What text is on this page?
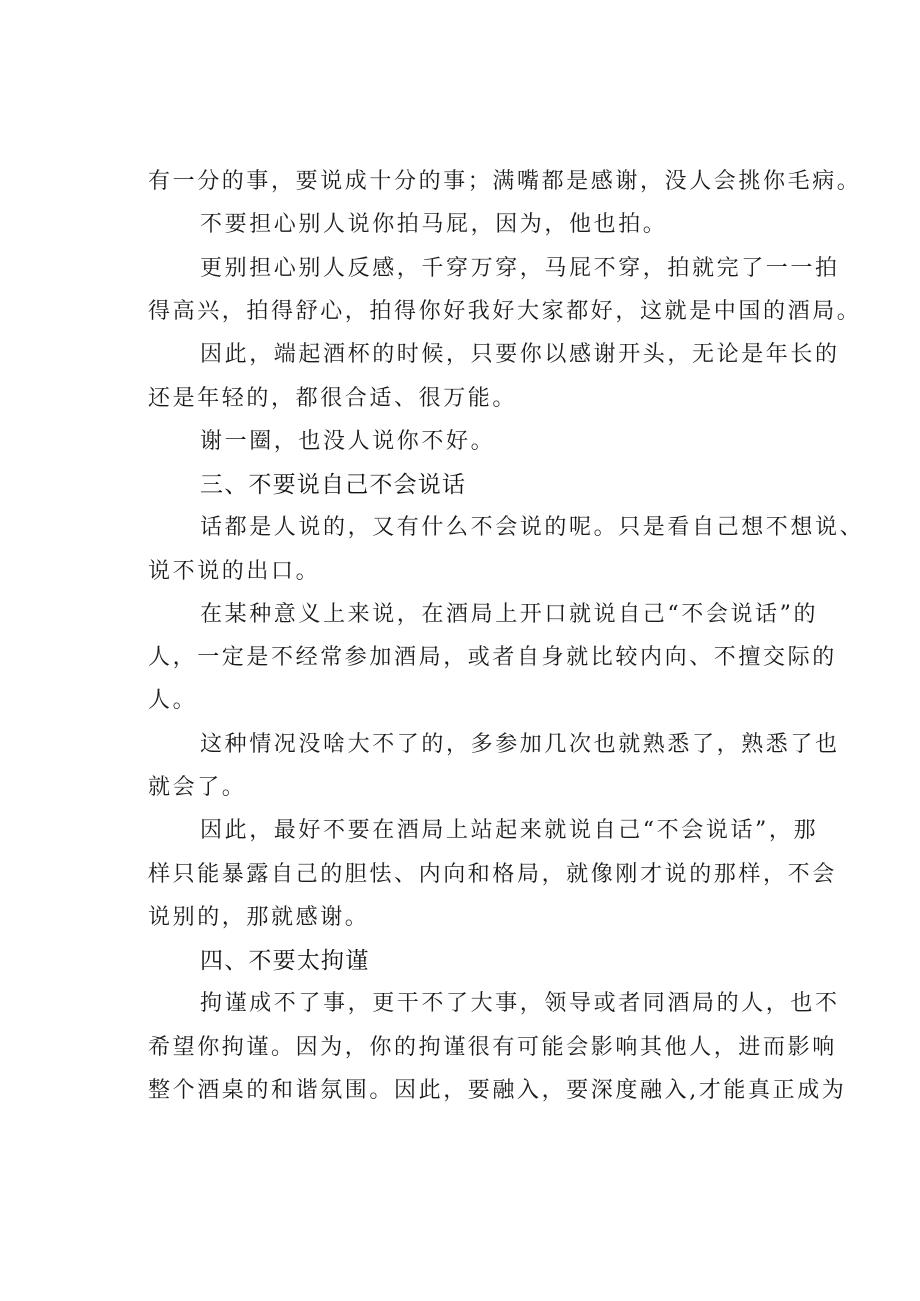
有一分的事，要说成十分的事；满嘴都是感谢，没人会挑你毛病。
不要担心别人说你拍马屁，因为，他也拍。
更别担心别人反感，千穿万穿，马屁不穿，拍就完了一一拍
得高兴，拍得舒心，拍得你好我好大家都好，这就是中国的酒局。
因此，端起酒杯的时候，只要你以感谢开头，无论是年长的
还是年轻的，都很合适、很万能。
谢一圈，也没人说你不好。
三、不要说自己不会说话
话都是人说的，又有什么不会说的呢。只是看自己想不想说、
说不说的出口。
在某种意义上来说，在酒局上开口就说自己“不会说话”的
人，一定是不经常参加酒局，或者自身就比较内向、不擅交际的
人。
这种情况没啥大不了的，多参加几次也就熟悉了，熟悉了也
就会了。
因此，最好不要在酒局上站起来就说自己“不会说话”，那
样只能暴露自己的胆怯、内向和格局，就像刚才说的那样，不会
说别的，那就感谢。
四、不要太拘谨
拘谨成不了事，更干不了大事，领导或者同酒局的人，也不
希望你拘谨。因为，你的拘谨很有可能会影响其他人，进而影响
整个酒桌的和谐氛围。因此，要融入，要深度融入,才能真正成为
